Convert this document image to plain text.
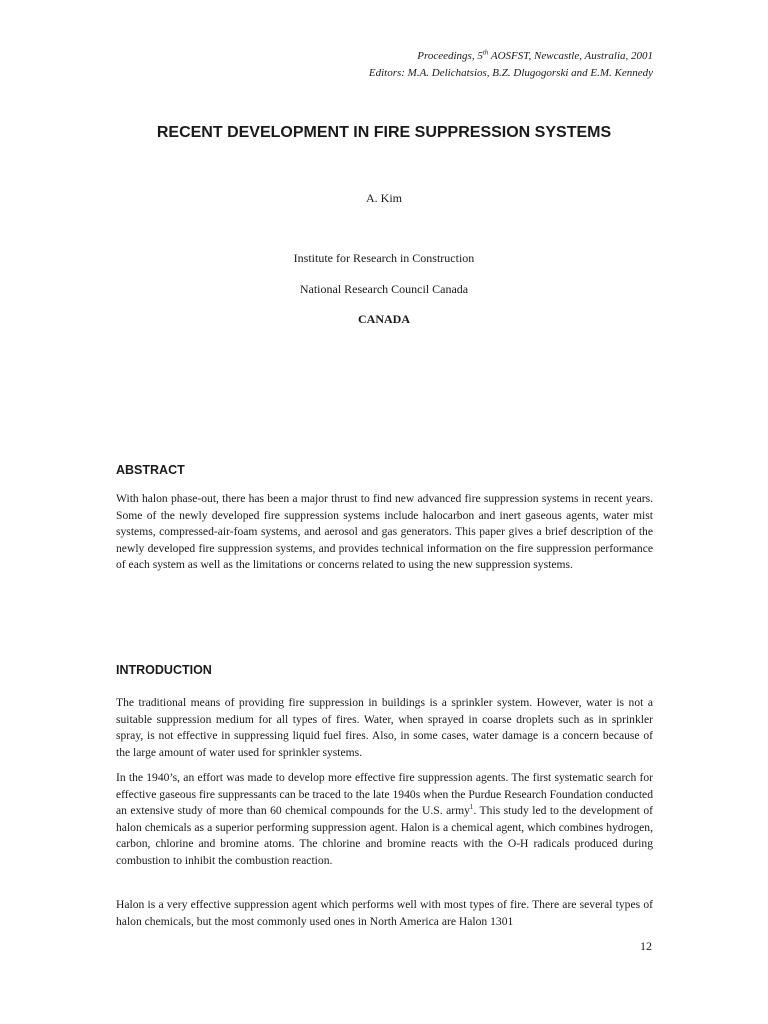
Proceedings, 5th AOSFST, Newcastle, Australia, 2001
Editors: M.A. Delichatsios, B.Z. Dlugogorski and E.M. Kennedy
RECENT DEVELOPMENT IN FIRE SUPPRESSION SYSTEMS
A. Kim
Institute for Research in Construction
National Research Council Canada
CANADA
ABSTRACT

With halon phase-out, there has been a major thrust to find new advanced fire suppression systems in recent years. Some of the newly developed fire suppression systems include halocarbon and inert gaseous agents, water mist systems, compressed-air-foam systems, and aerosol and gas generators. This paper gives a brief description of the newly developed fire suppression systems, and provides technical information on the fire suppression performance of each system as well as the limitations or concerns related to using the new suppression systems.

INTRODUCTION

The traditional means of providing fire suppression in buildings is a sprinkler system. However, water is not a suitable suppression medium for all types of fires. Water, when sprayed in coarse droplets such as in sprinkler spray, is not effective in suppressing liquid fuel fires. Also, in some cases, water damage is a concern because of the large amount of water used for sprinkler systems.

In the 1940’s, an effort was made to develop more effective fire suppression agents. The first systematic search for effective gaseous fire suppressants can be traced to the late 1940s when the Purdue Research Foundation conducted an extensive study of more than 60 chemical compounds for the U.S. army$^1$. This study led to the development of halon chemicals as a superior performing suppression agent. Halon is a chemical agent, which combines hydrogen, carbon, chlorine and bromine atoms. The chlorine and bromine reacts with the O-H radicals produced during combustion to inhibit the combustion reaction.

Halon is a very effective suppression agent which performs well with most types of fire. There are several types of halon chemicals, but the most commonly used ones in North America are Halon 1301

12
